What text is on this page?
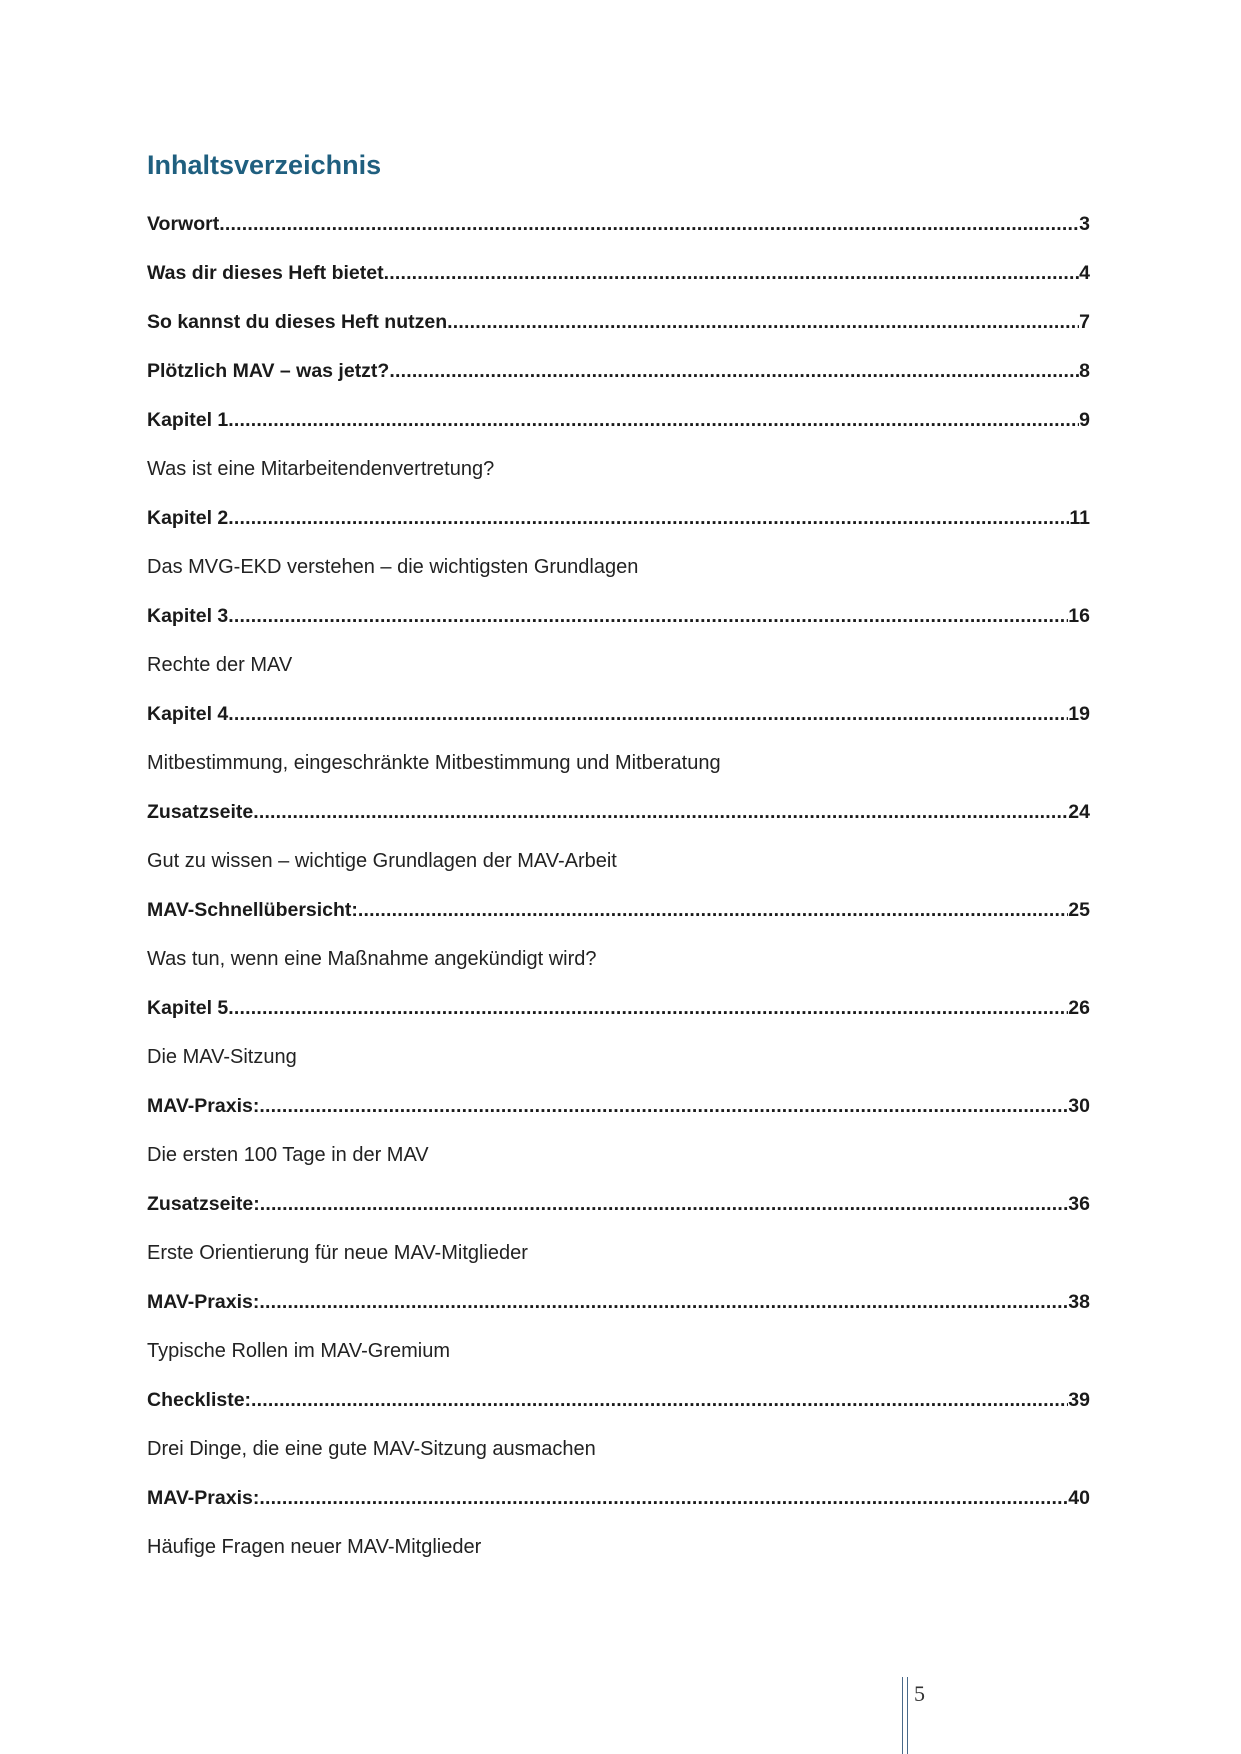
Inhaltsverzeichnis
Vorwort .....	3
Was dir dieses Heft bietet .....	4
So kannst du dieses Heft nutzen .....	7
Plötzlich MAV – was jetzt? .....	8
Kapitel 1 .....	9
Was ist eine Mitarbeitendenvertretung?
Kapitel 2 .....	11
Das MVG-EKD verstehen – die wichtigsten Grundlagen
Kapitel 3 .....	16
Rechte der MAV
Kapitel 4 .....	19
Mitbestimmung, eingeschränkte Mitbestimmung und Mitberatung
Zusatzseite .....	24
Gut zu wissen – wichtige Grundlagen der MAV-Arbeit
MAV-Schnellübersicht: .....	25
Was tun, wenn eine Maßnahme angekündigt wird?
Kapitel 5 .....	26
Die MAV-Sitzung
MAV-Praxis: .....	30
Die ersten 100 Tage in der MAV
Zusatzseite: .....	36
Erste Orientierung für neue MAV-Mitglieder
MAV-Praxis: .....	38
Typische Rollen im MAV-Gremium
Checkliste: .....	39
Drei Dinge, die eine gute MAV-Sitzung ausmachen
MAV-Praxis: .....	40
Häufige Fragen neuer MAV-Mitglieder
5
